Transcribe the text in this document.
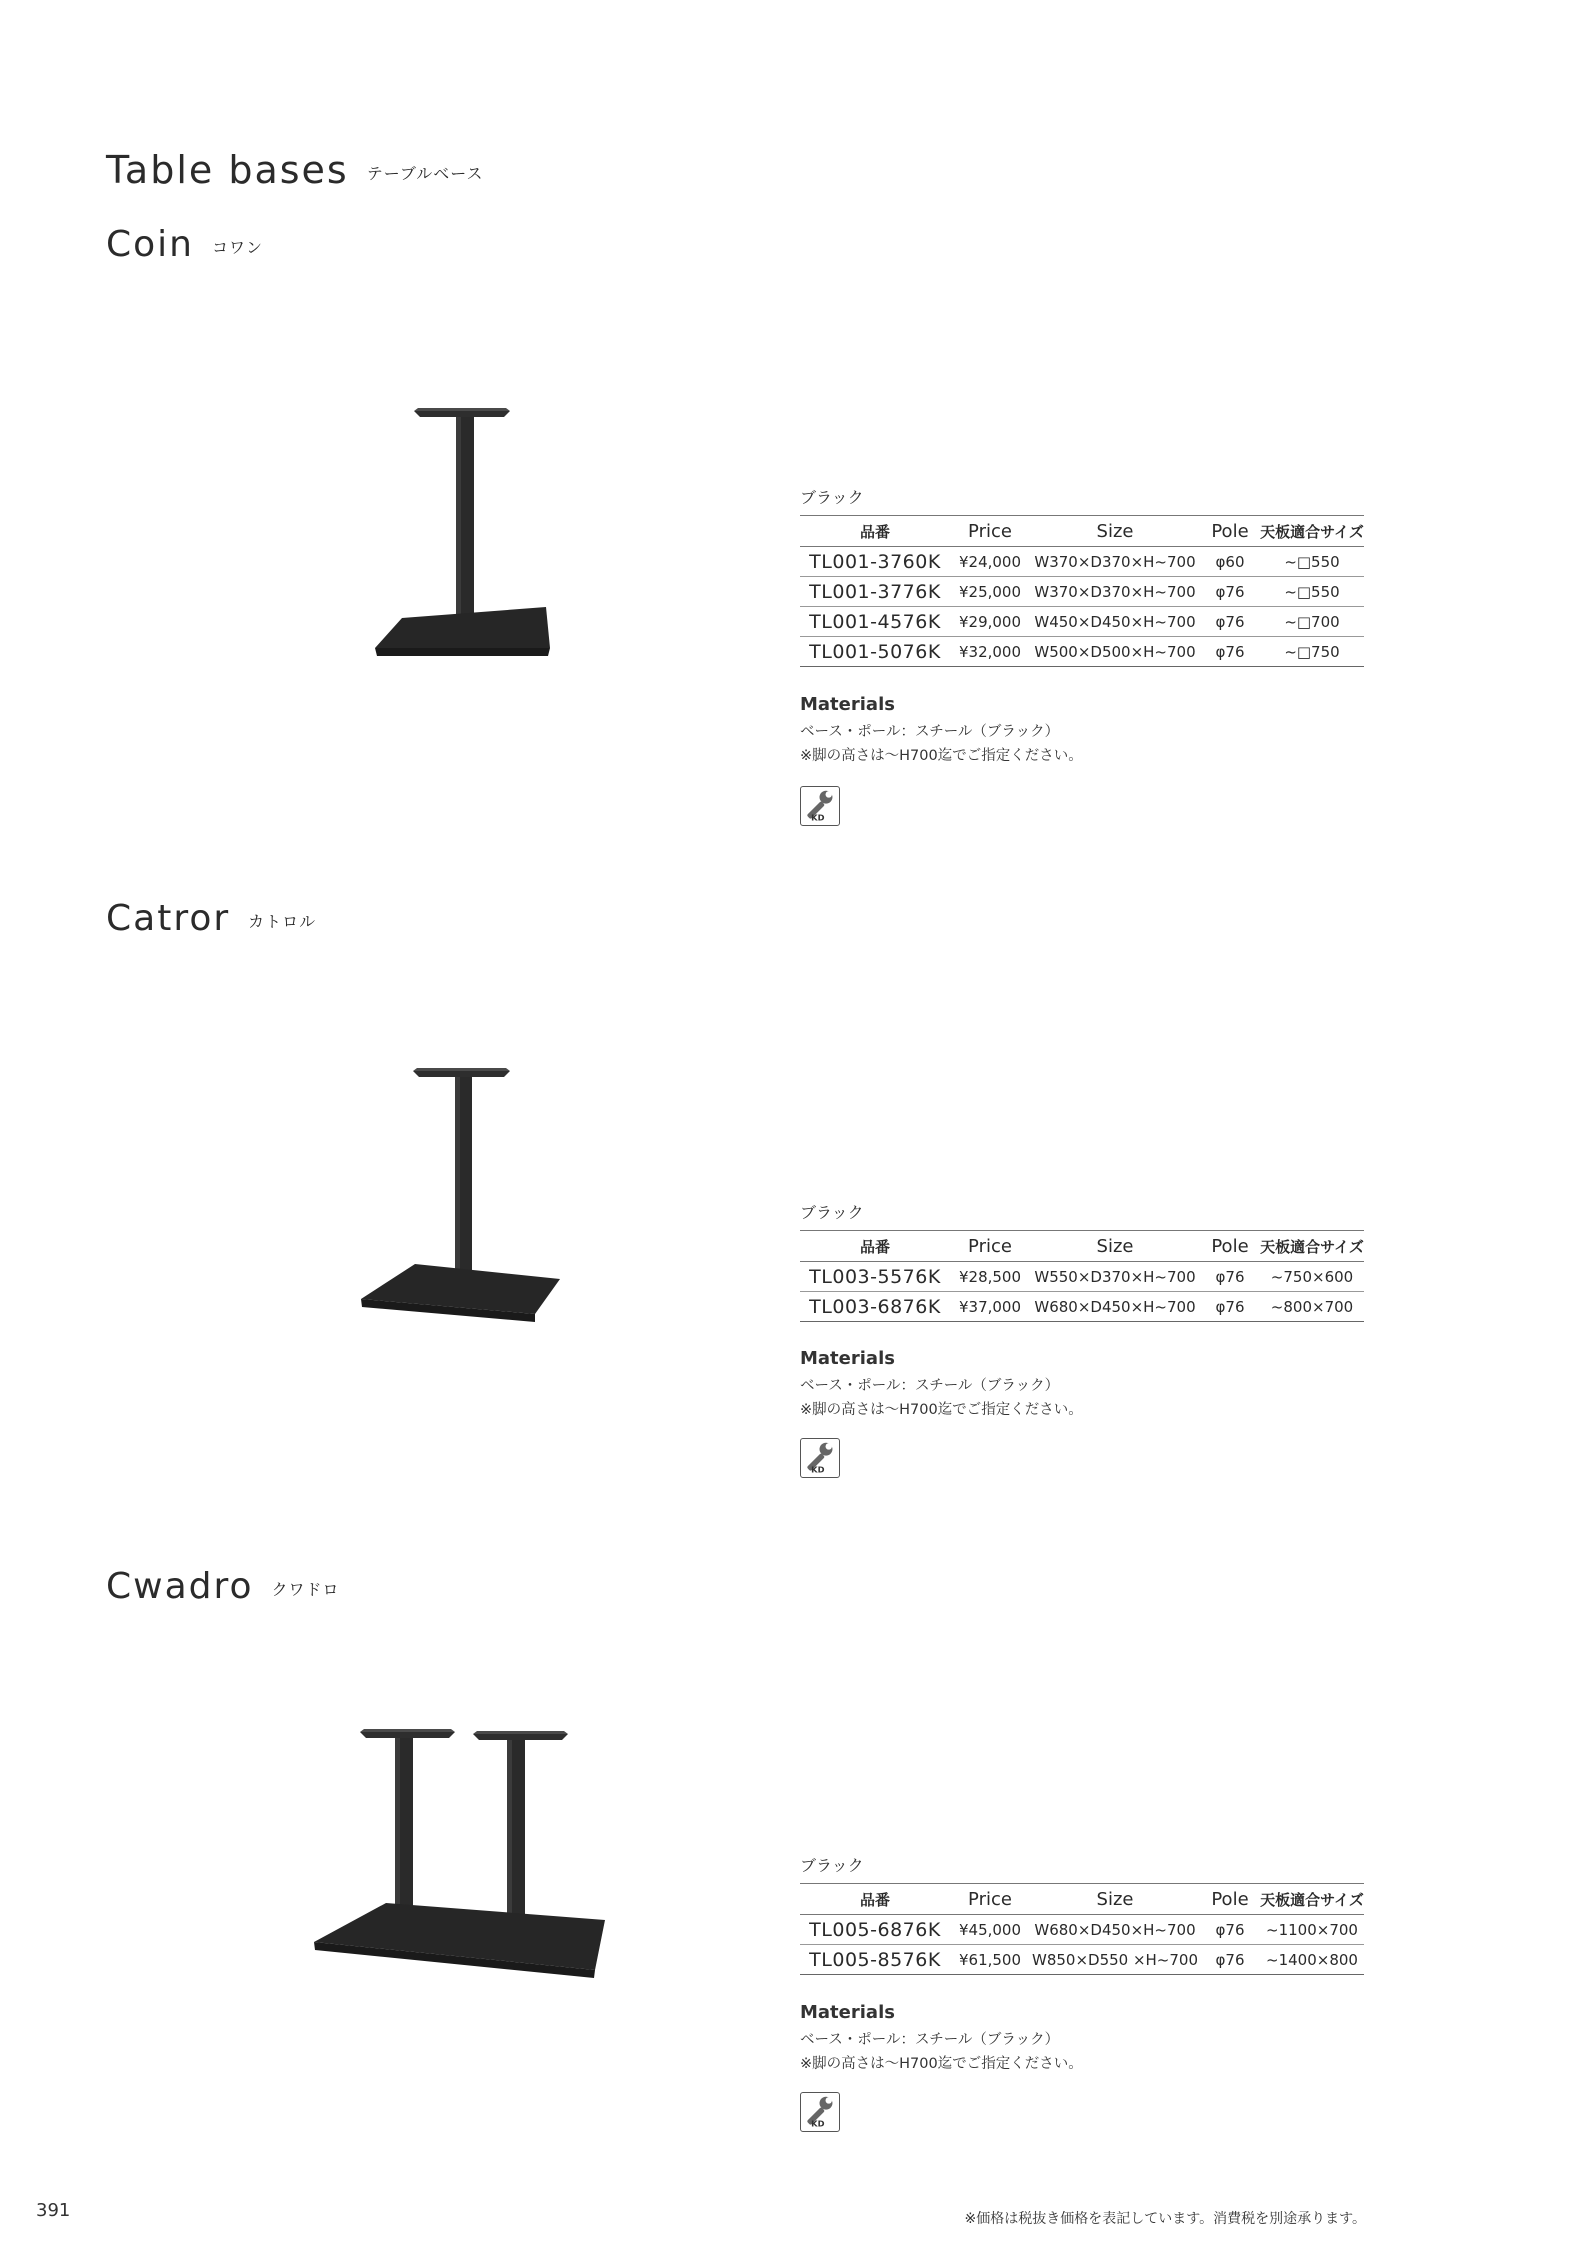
Table bases テーブルベース
Coin コワン
ブラック
品番	Price	Size	Pole	天板適合サイズ
TL001-3760K	¥24,000	W370×D370×H~700	φ60	~□550
TL001-3776K	¥25,000	W370×D370×H~700	φ76	~□550
TL001-4576K	¥29,000	W450×D450×H~700	φ76	~□700
TL001-5076K	¥32,000	W500×D500×H~700	φ76	~□750
Materials
ベース・ポール：スチール（ブラック）
※脚の高さは～H700迄でご指定ください。
KD
Catror カトロル
ブラック
品番	Price	Size	Pole	天板適合サイズ
TL003-5576K	¥28,500	W550×D370×H~700	φ76	~750×600
TL003-6876K	¥37,000	W680×D450×H~700	φ76	~800×700
Materials
ベース・ポール：スチール（ブラック）
※脚の高さは～H700迄でご指定ください。
KD
Cwadro クワドロ
ブラック
品番	Price	Size	Pole	天板適合サイズ
TL005-6876K	¥45,000	W680×D450×H~700	φ76	~1100×700
TL005-8576K	¥61,500	W850×D550 ×H~700	φ76	~1400×800
Materials
ベース・ポール：スチール（ブラック）
※脚の高さは～H700迄でご指定ください。
KD
391	※価格は税抜き価格を表記しています。消費税を別途承ります。
